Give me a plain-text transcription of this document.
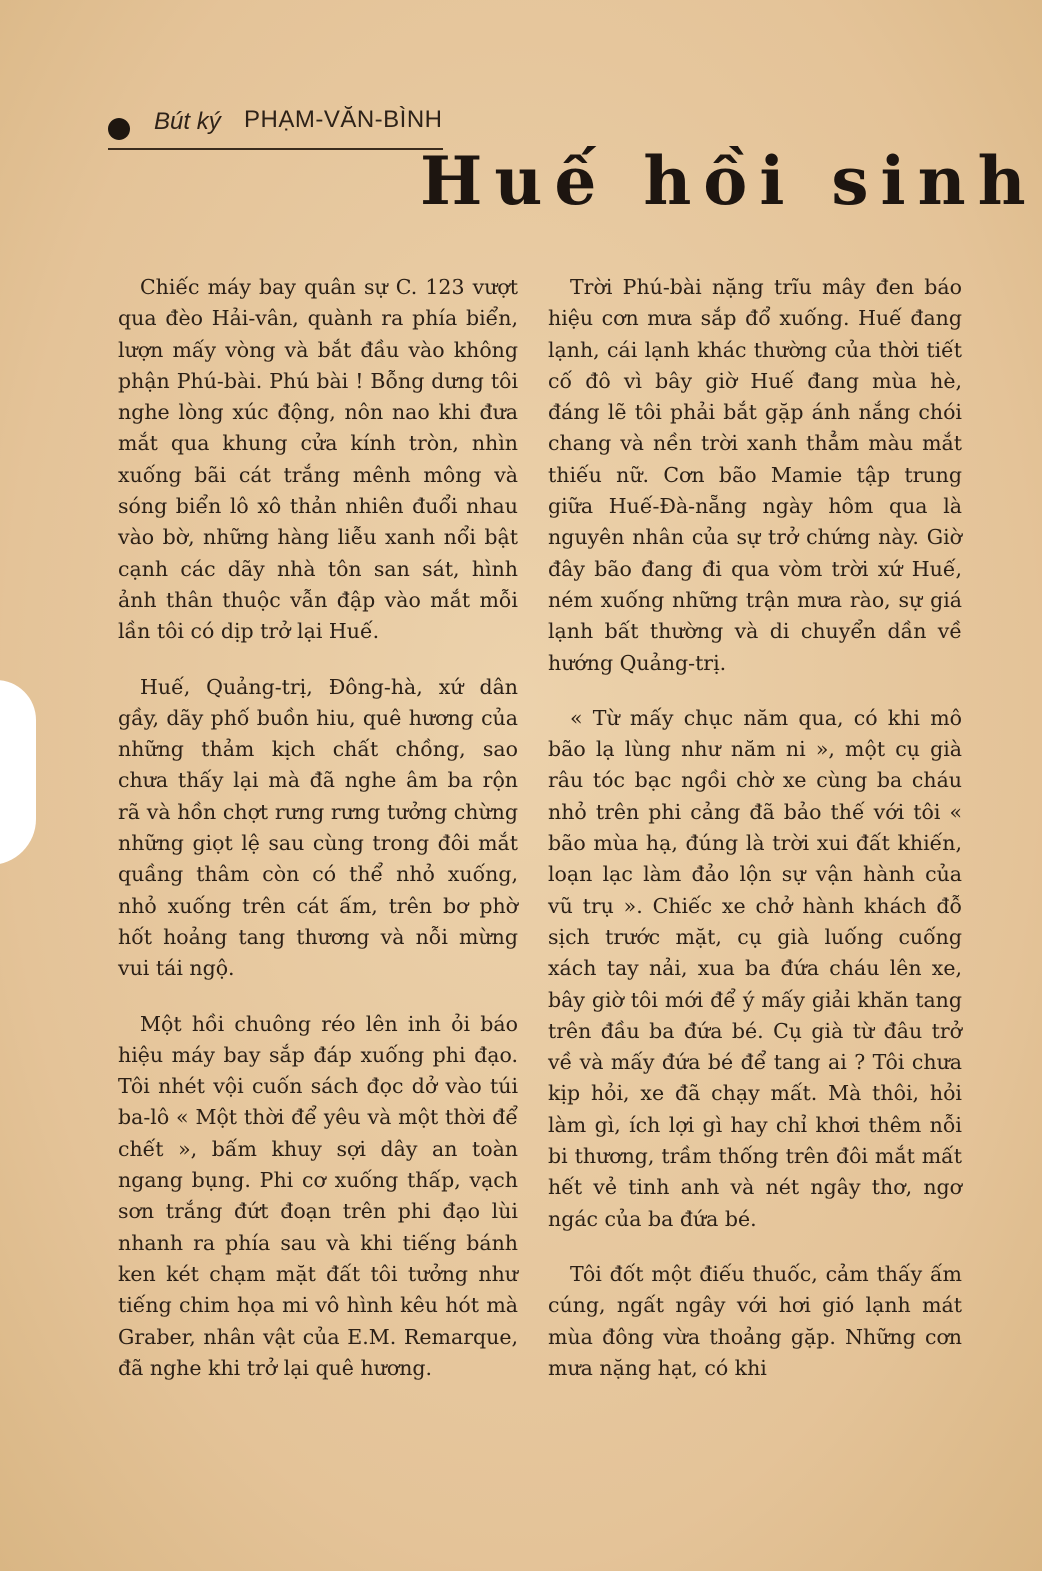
Bút ký PHẠM-VĂN-BÌNH
Huế hồi sinh

Chiếc máy bay quân sự C. 123 vượt qua đèo Hải-vân, quành ra phía biển, lượn mấy vòng và bắt đầu vào không phận Phú-bài. Phú bài ! Bỗng dưng tôi nghe lòng xúc động, nôn nao khi đưa mắt qua khung cửa kính tròn, nhìn xuống bãi cát trắng mênh mông và sóng biển lô xô thản nhiên đuổi nhau vào bờ, những hàng liễu xanh nổi bật cạnh các dãy nhà tôn san sát, hình ảnh thân thuộc vẫn đập vào mắt mỗi lần tôi có dịp trở lại Huế.

Huế, Quảng-trị, Đông-hà, xứ dân gầy, dãy phố buồn hiu, quê hương của những thảm kịch chất chồng, sao chưa thấy lại mà đã nghe âm ba rộn rã và hồn chợt rưng rưng tưởng chừng những giọt lệ sau cùng trong đôi mắt quầng thâm còn có thể nhỏ xuống, nhỏ xuống trên cát ấm, trên bơ phờ hốt hoảng tang thương và nỗi mừng vui tái ngộ.

Một hồi chuông réo lên inh ỏi báo hiệu máy bay sắp đáp xuống phi đạo. Tôi nhét vội cuốn sách đọc dở vào túi ba-lô « Một thời để yêu và một thời để chết », bấm khuy sợi dây an toàn ngang bụng. Phi cơ xuống thấp, vạch sơn trắng đứt đoạn trên phi đạo lùi nhanh ra phía sau và khi tiếng bánh ken két chạm mặt đất tôi tưởng như tiếng chim họa mi vô hình kêu hót mà Graber, nhân vật của E.M. Remarque, đã nghe khi trở lại quê hương.

Trời Phú-bài nặng trĩu mây đen báo hiệu cơn mưa sắp đổ xuống. Huế đang lạnh, cái lạnh khác thường của thời tiết cố đô vì bây giờ Huế đang mùa hè, đáng lẽ tôi phải bắt gặp ánh nắng chói chang và nền trời xanh thẳm màu mắt thiếu nữ. Cơn bão Mamie tập trung giữa Huế-Đà-nẵng ngày hôm qua là nguyên nhân của sự trở chứng này. Giờ đây bão đang đi qua vòm trời xứ Huế, ném xuống những trận mưa rào, sự giá lạnh bất thường và di chuyển dần về hướng Quảng-trị.

« Từ mấy chục năm qua, có khi mô bão lạ lùng như năm ni », một cụ già râu tóc bạc ngồi chờ xe cùng ba cháu nhỏ trên phi cảng đã bảo thế với tôi « bão mùa hạ, đúng là trời xui đất khiến, loạn lạc làm đảo lộn sự vận hành của vũ trụ ». Chiếc xe chở hành khách đỗ sịch trước mặt, cụ già luống cuống xách tay nải, xua ba đứa cháu lên xe, bây giờ tôi mới để ý mấy giải khăn tang trên đầu ba đứa bé. Cụ già từ đâu trở về và mấy đứa bé để tang ai ? Tôi chưa kịp hỏi, xe đã chạy mất. Mà thôi, hỏi làm gì, ích lợi gì hay chỉ khơi thêm nỗi bi thương, trầm thống trên đôi mắt mất hết vẻ tinh anh và nét ngây thơ, ngơ ngác của ba đứa bé.

Tôi đốt một điếu thuốc, cảm thấy ấm cúng, ngất ngây với hơi gió lạnh mát mùa đông vừa thoảng gặp. Những cơn mưa nặng hạt, có khi
